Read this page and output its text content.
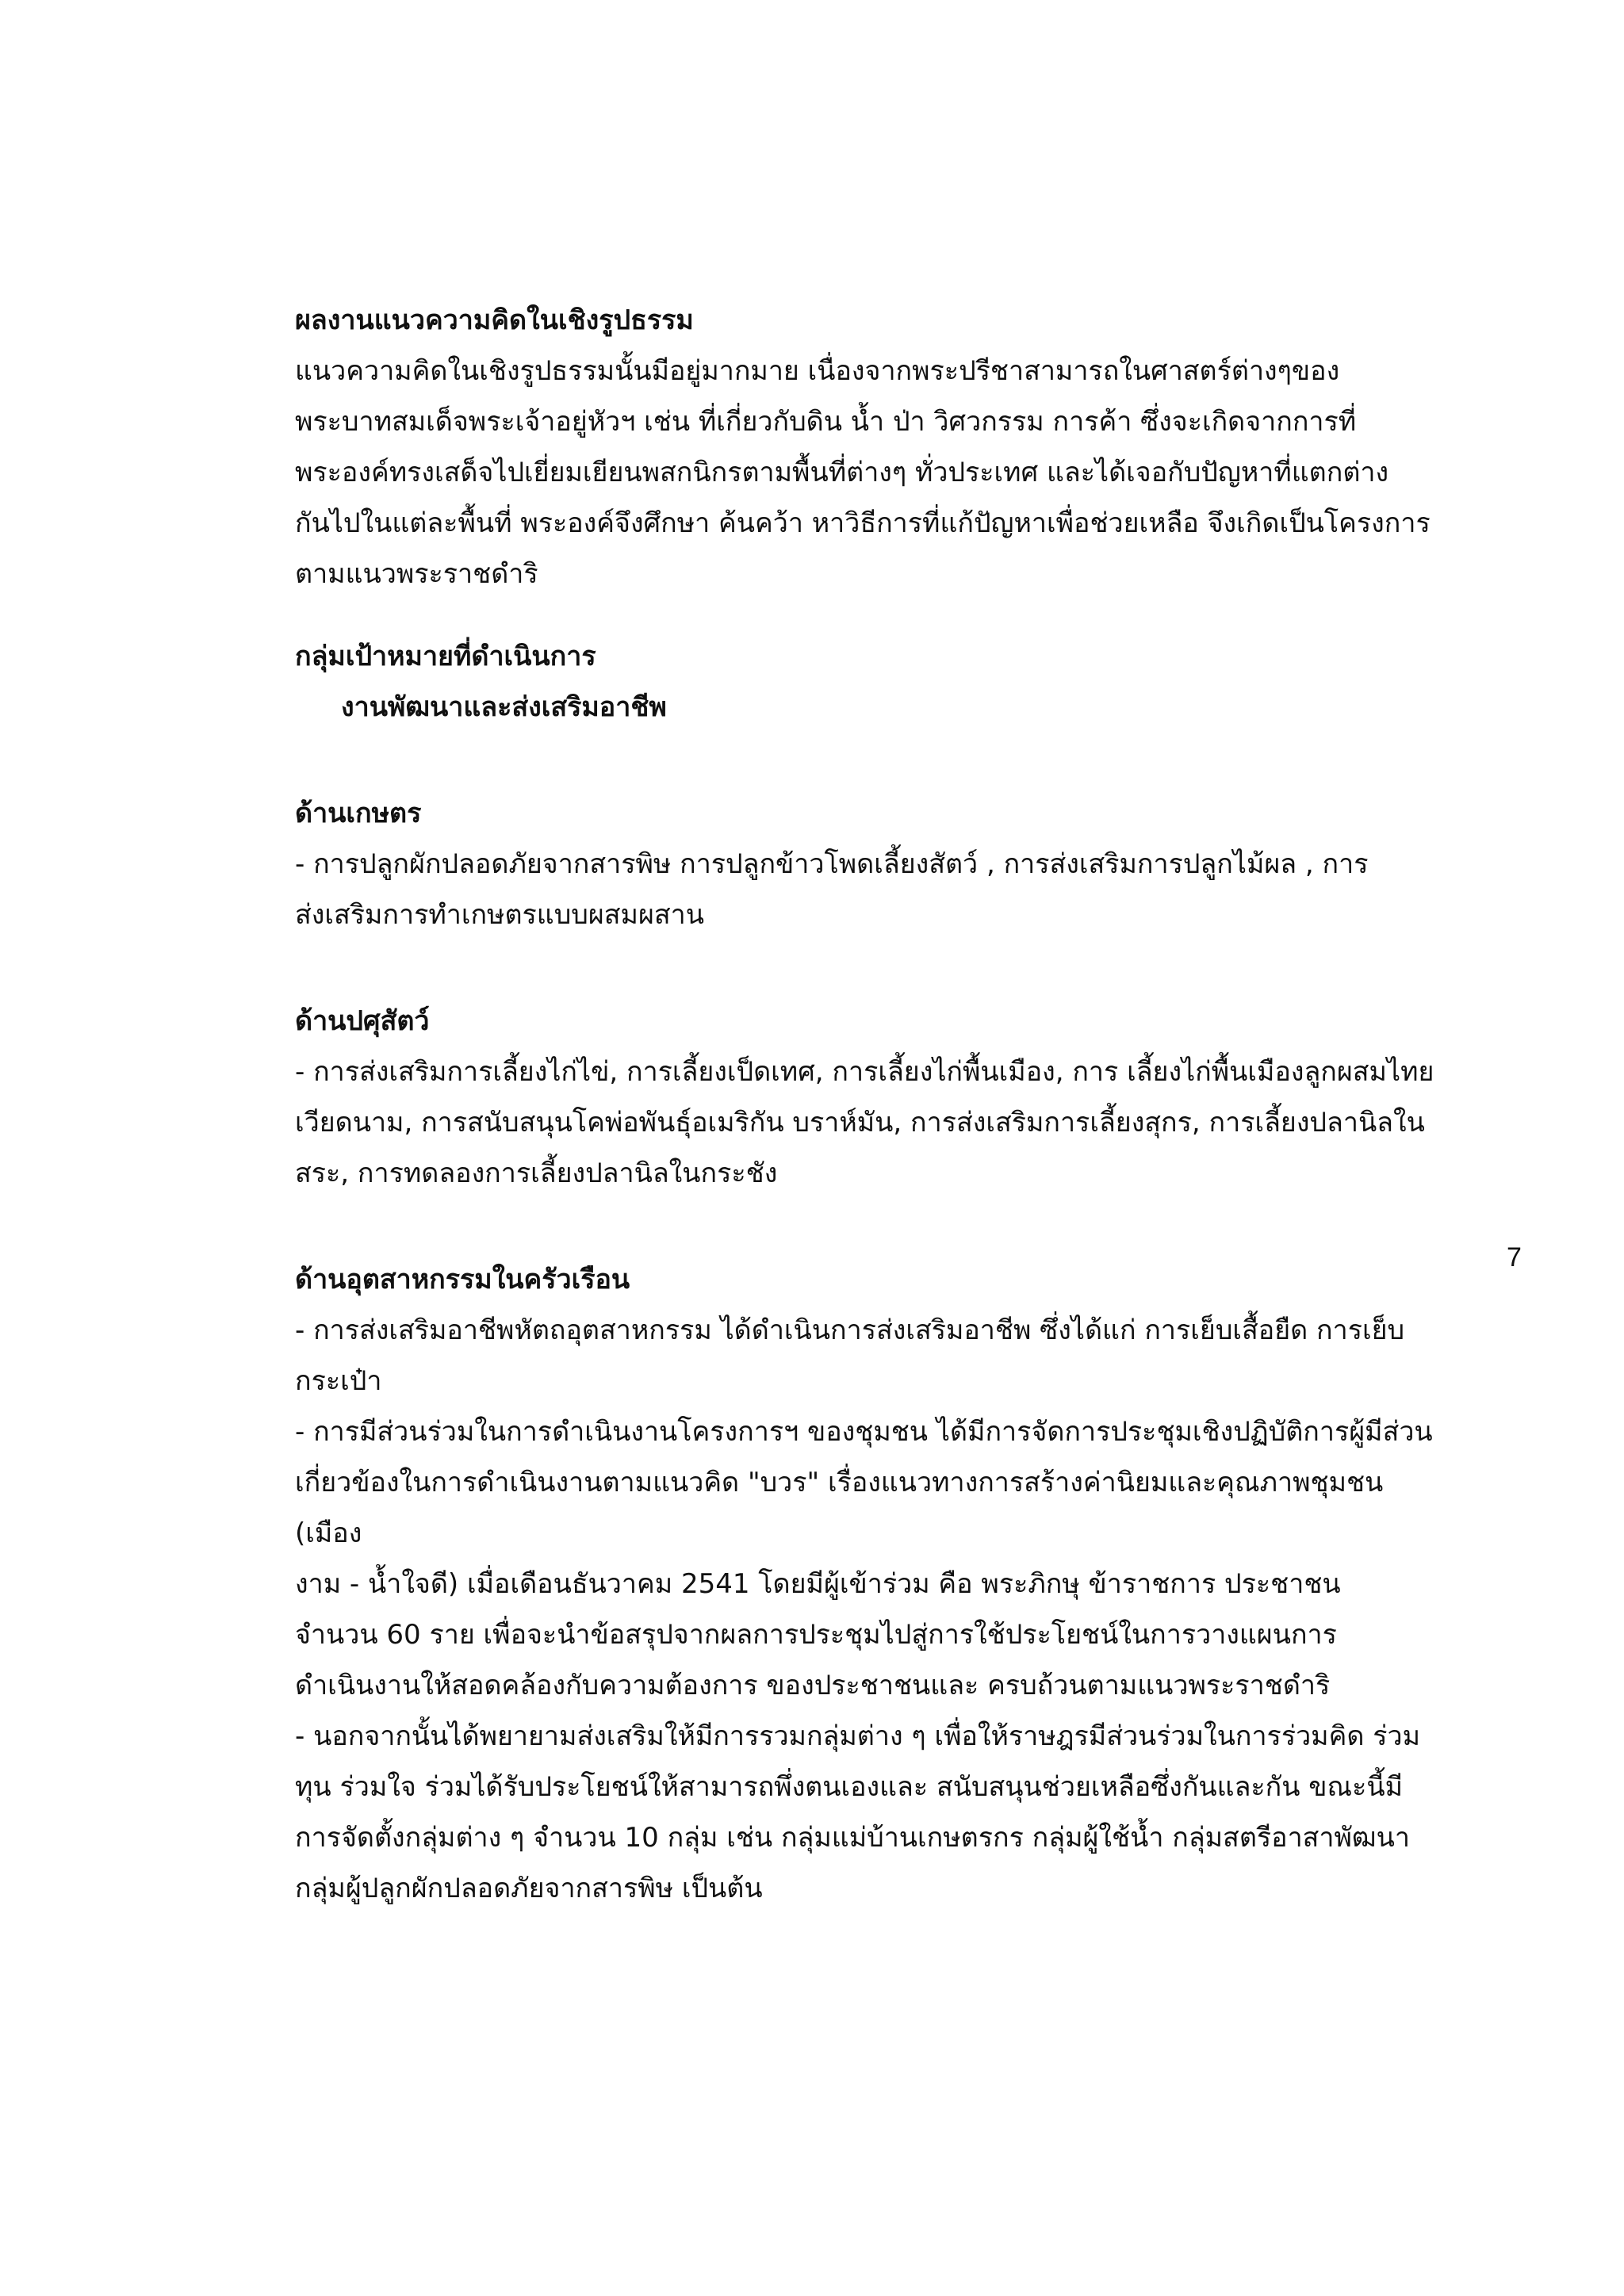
ผลงานแนวความคิดในเชิงรูปธรรม

แนวความคิดในเชิงรูปธรรมนั้นมีอยู่มากมาย เนื่องจากพระปรีชาสามารถในศาสตร์ต่างๆของ

พระบาทสมเด็จพระเจ้าอยู่หัวฯ เช่น ที่เกี่ยวกับดิน น้ำ ป่า วิศวกรรม การค้า ซึ่งจะเกิดจากการที่

พระองค์ทรงเสด็จไปเยี่ยมเยียนพสกนิกรตามพื้นที่ต่างๆ ทั่วประเทศ และได้เจอกับปัญหาที่แตกต่าง

กันไปในแต่ละพื้นที่ พระองค์จึงศึกษา ค้นคว้า หาวิธีการที่แก้ปัญหาเพื่อช่วยเหลือ จึงเกิดเป็นโครงการ

ตามแนวพระราชดำริ

กลุ่มเป้าหมายที่ดำเนินการ

งานพัฒนาและส่งเสริมอาชีพ

ด้านเกษตร

- การปลูกผักปลอดภัยจากสารพิษ การปลูกข้าวโพดเลี้ยงสัตว์ , การส่งเสริมการปลูกไม้ผล , การ

ส่งเสริมการทำเกษตรแบบผสมผสาน

ด้านปศุสัตว์

- การส่งเสริมการเลี้ยงไก่ไข่, การเลี้ยงเป็ดเทศ, การเลี้ยงไก่พื้นเมือง, การ เลี้ยงไก่พื้นเมืองลูกผสมไทย

เวียดนาม, การสนับสนุนโคพ่อพันธุ์อเมริกัน บราห์มัน, การส่งเสริมการเลี้ยงสุกร, การเลี้ยงปลานิลใน

สระ, การทดลองการเลี้ยงปลานิลในกระชัง

ด้านอุตสาหกรรมในครัวเรือน

- การส่งเสริมอาชีพหัตถอุตสาหกรรม ได้ดำเนินการส่งเสริมอาชีพ ซึ่งได้แก่ การเย็บเสื้อยืด การเย็บ

กระเป๋า

- การมีส่วนร่วมในการดำเนินงานโครงการฯ ของชุมชน ได้มีการจัดการประชุมเชิงปฏิบัติการผู้มีส่วน

เกี่ยวข้องในการดำเนินงานตามแนวคิด "บวร" เรื่องแนวทางการสร้างค่านิยมและคุณภาพชุมชน (เมือง

งาม - น้ำใจดี) เมื่อเดือนธันวาคม 2541 โดยมีผู้เข้าร่วม คือ พระภิกษุ ข้าราชการ ประชาชน

จำนวน 60 ราย เพื่อจะนำข้อสรุปจากผลการประชุมไปสู่การใช้ประโยชน์ในการวางแผนการ

ดำเนินงานให้สอดคล้องกับความต้องการ ของประชาชนและ ครบถ้วนตามแนวพระราชดำริ

- นอกจากนั้นได้พยายามส่งเสริมให้มีการรวมกลุ่มต่าง ๆ เพื่อให้ราษฎรมีส่วนร่วมในการร่วมคิด ร่วม

ทุน ร่วมใจ ร่วมได้รับประโยชน์ให้สามารถพึ่งตนเองและ สนับสนุนช่วยเหลือซึ่งกันและกัน ขณะนี้มี

การจัดตั้งกลุ่มต่าง ๆ จำนวน 10 กลุ่ม เช่น กลุ่มแม่บ้านเกษตรกร กลุ่มผู้ใช้น้ำ กลุ่มสตรีอาสาพัฒนา

กลุ่มผู้ปลูกผักปลอดภัยจากสารพิษ เป็นต้น

7
